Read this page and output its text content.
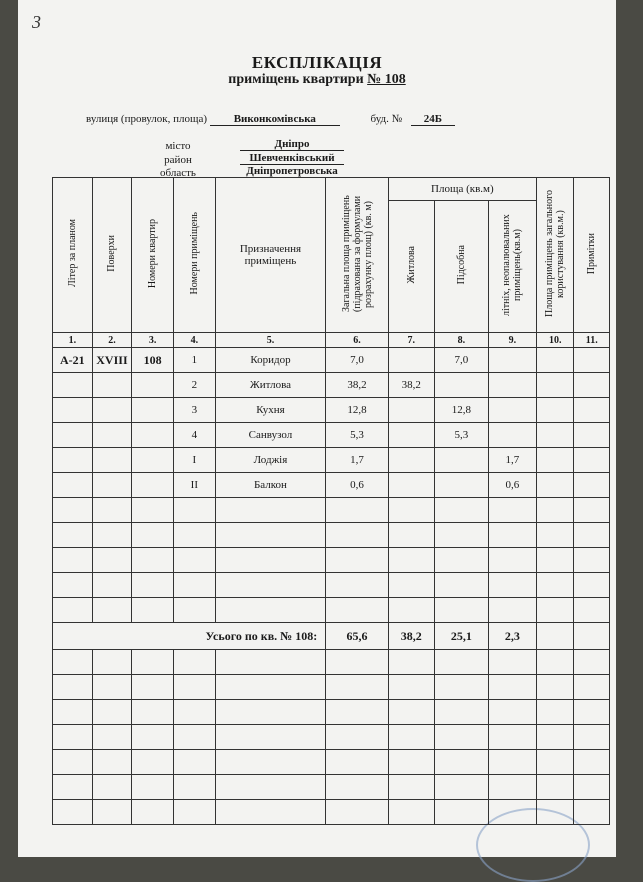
3
ЕКСПЛІКАЦІЯ
приміщень квартири № 108
вулиця (провулок, площа) Виконкомівська	буд. № 24Б
місто	Дніпро
район	Шевченківський
область	Дніпропетровська
Літер за планом	Поверхи	Номери квартир	Номери приміщень	Призначення приміщень	Загальна площа приміщень (підрахована за формулами розрахунку площ) (кв. м)	Площа (кв.м)			Площа приміщень загального користування (кв.м.)	Примітки
						Житлова	Підсобна	літніх, неопалювальних приміщень(кв.м)		
1.	2.	3.	4.	5.	6.	7.	8.	9.	10.	11.
А-21	XVIII	108	1	Коридор	7,0		7,0			
			2	Житлова	38,2	38,2				
			3	Кухня	12,8		12,8			
			4	Санвузол	5,3		5,3			
			I	Лоджія	1,7			1,7		
			II	Балкон	0,6			0,6		

Усього по кв. № 108:					65,6	38,2	25,1	2,3		
